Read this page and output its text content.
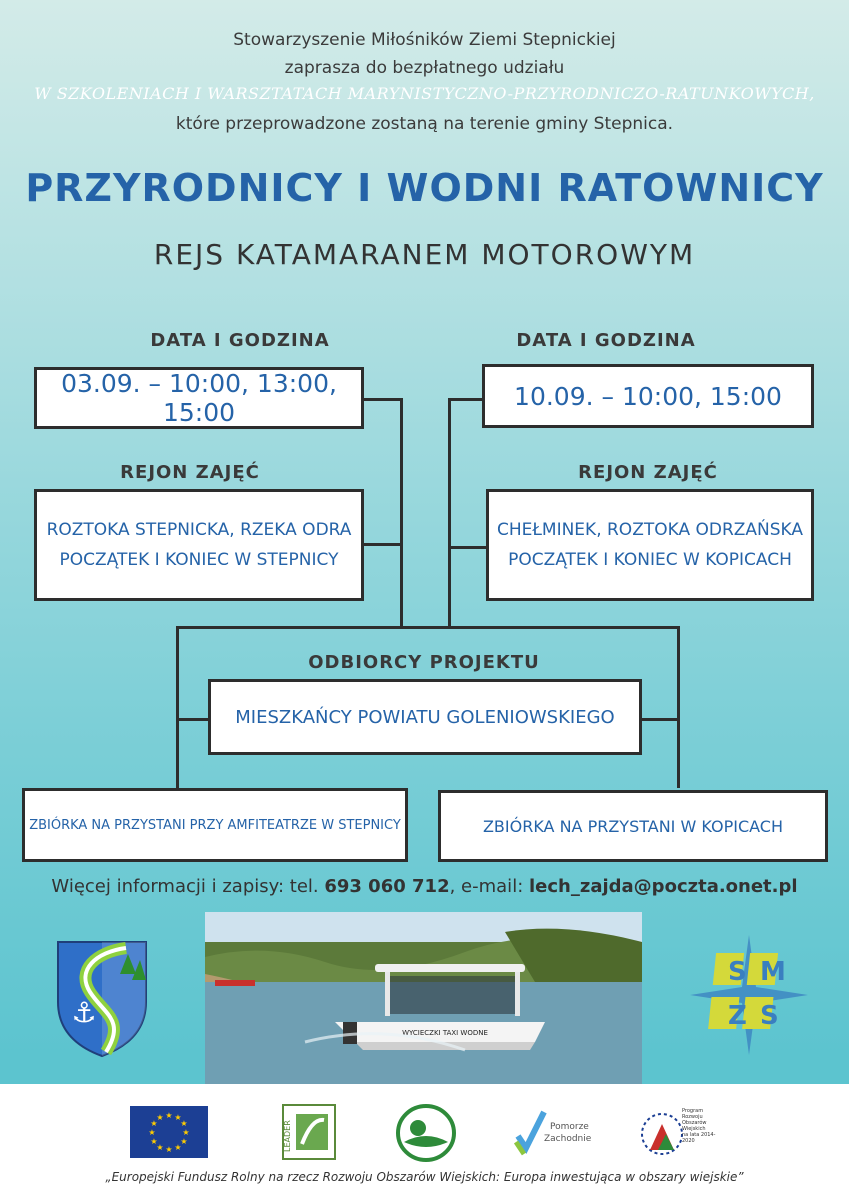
Stowarzyszenie Miłośników Ziemi Stepnickiej
zaprasza do bezpłatnego udziału
W SZKOLENIACH I WARSZTATACH MARYNISTYCZNO-PRZYRODNICZO-RATUNKOWYCH,
które przeprowadzone zostaną na terenie gminy Stepnica.
PRZYRODNICY I WODNI RATOWNICY
REJS KATAMARANEM MOTOROWYM
DATA I GODZINA
03.09. – 10:00, 13:00, 15:00
REJON ZAJĘĆ
ROZTOKA STEPNICKA, RZEKA ODRA
POCZĄTEK I KONIEC W STEPNICY
DATA I GODZINA
10.09. – 10:00, 15:00
REJON ZAJĘĆ
CHEŁMINEK, ROZTOKA ODRZAŃSKA
POCZĄTEK I KONIEC W KOPICACH
ODBIORCY PROJEKTU
MIESZKAŃCY POWIATU GOLENIOWSKIEGO
ZBIÓRKA NA PRZYSTANI PRZY AMFITEATRZE W STEPNICY	ZBIÓRKA NA PRZYSTANI W KOPICACH
Więcej informacji i zapisy: tel. 693 060 712, e-mail: lech_zajda@poczta.onet.pl
⚓
WYCIECZKI TAXI WODNE
S M
Z S
★ ★
★
★
★
★
★
★
★
★
★
★
LEADER	Pomorze
Zachodnie
Program
Rozwoju
Obszarów
Wiejskich
na lata 2014-2020
„Europejski Fundusz Rolny na rzecz Rozwoju Obszarów Wiejskich: Europa inwestująca w obszary wiejskie”
